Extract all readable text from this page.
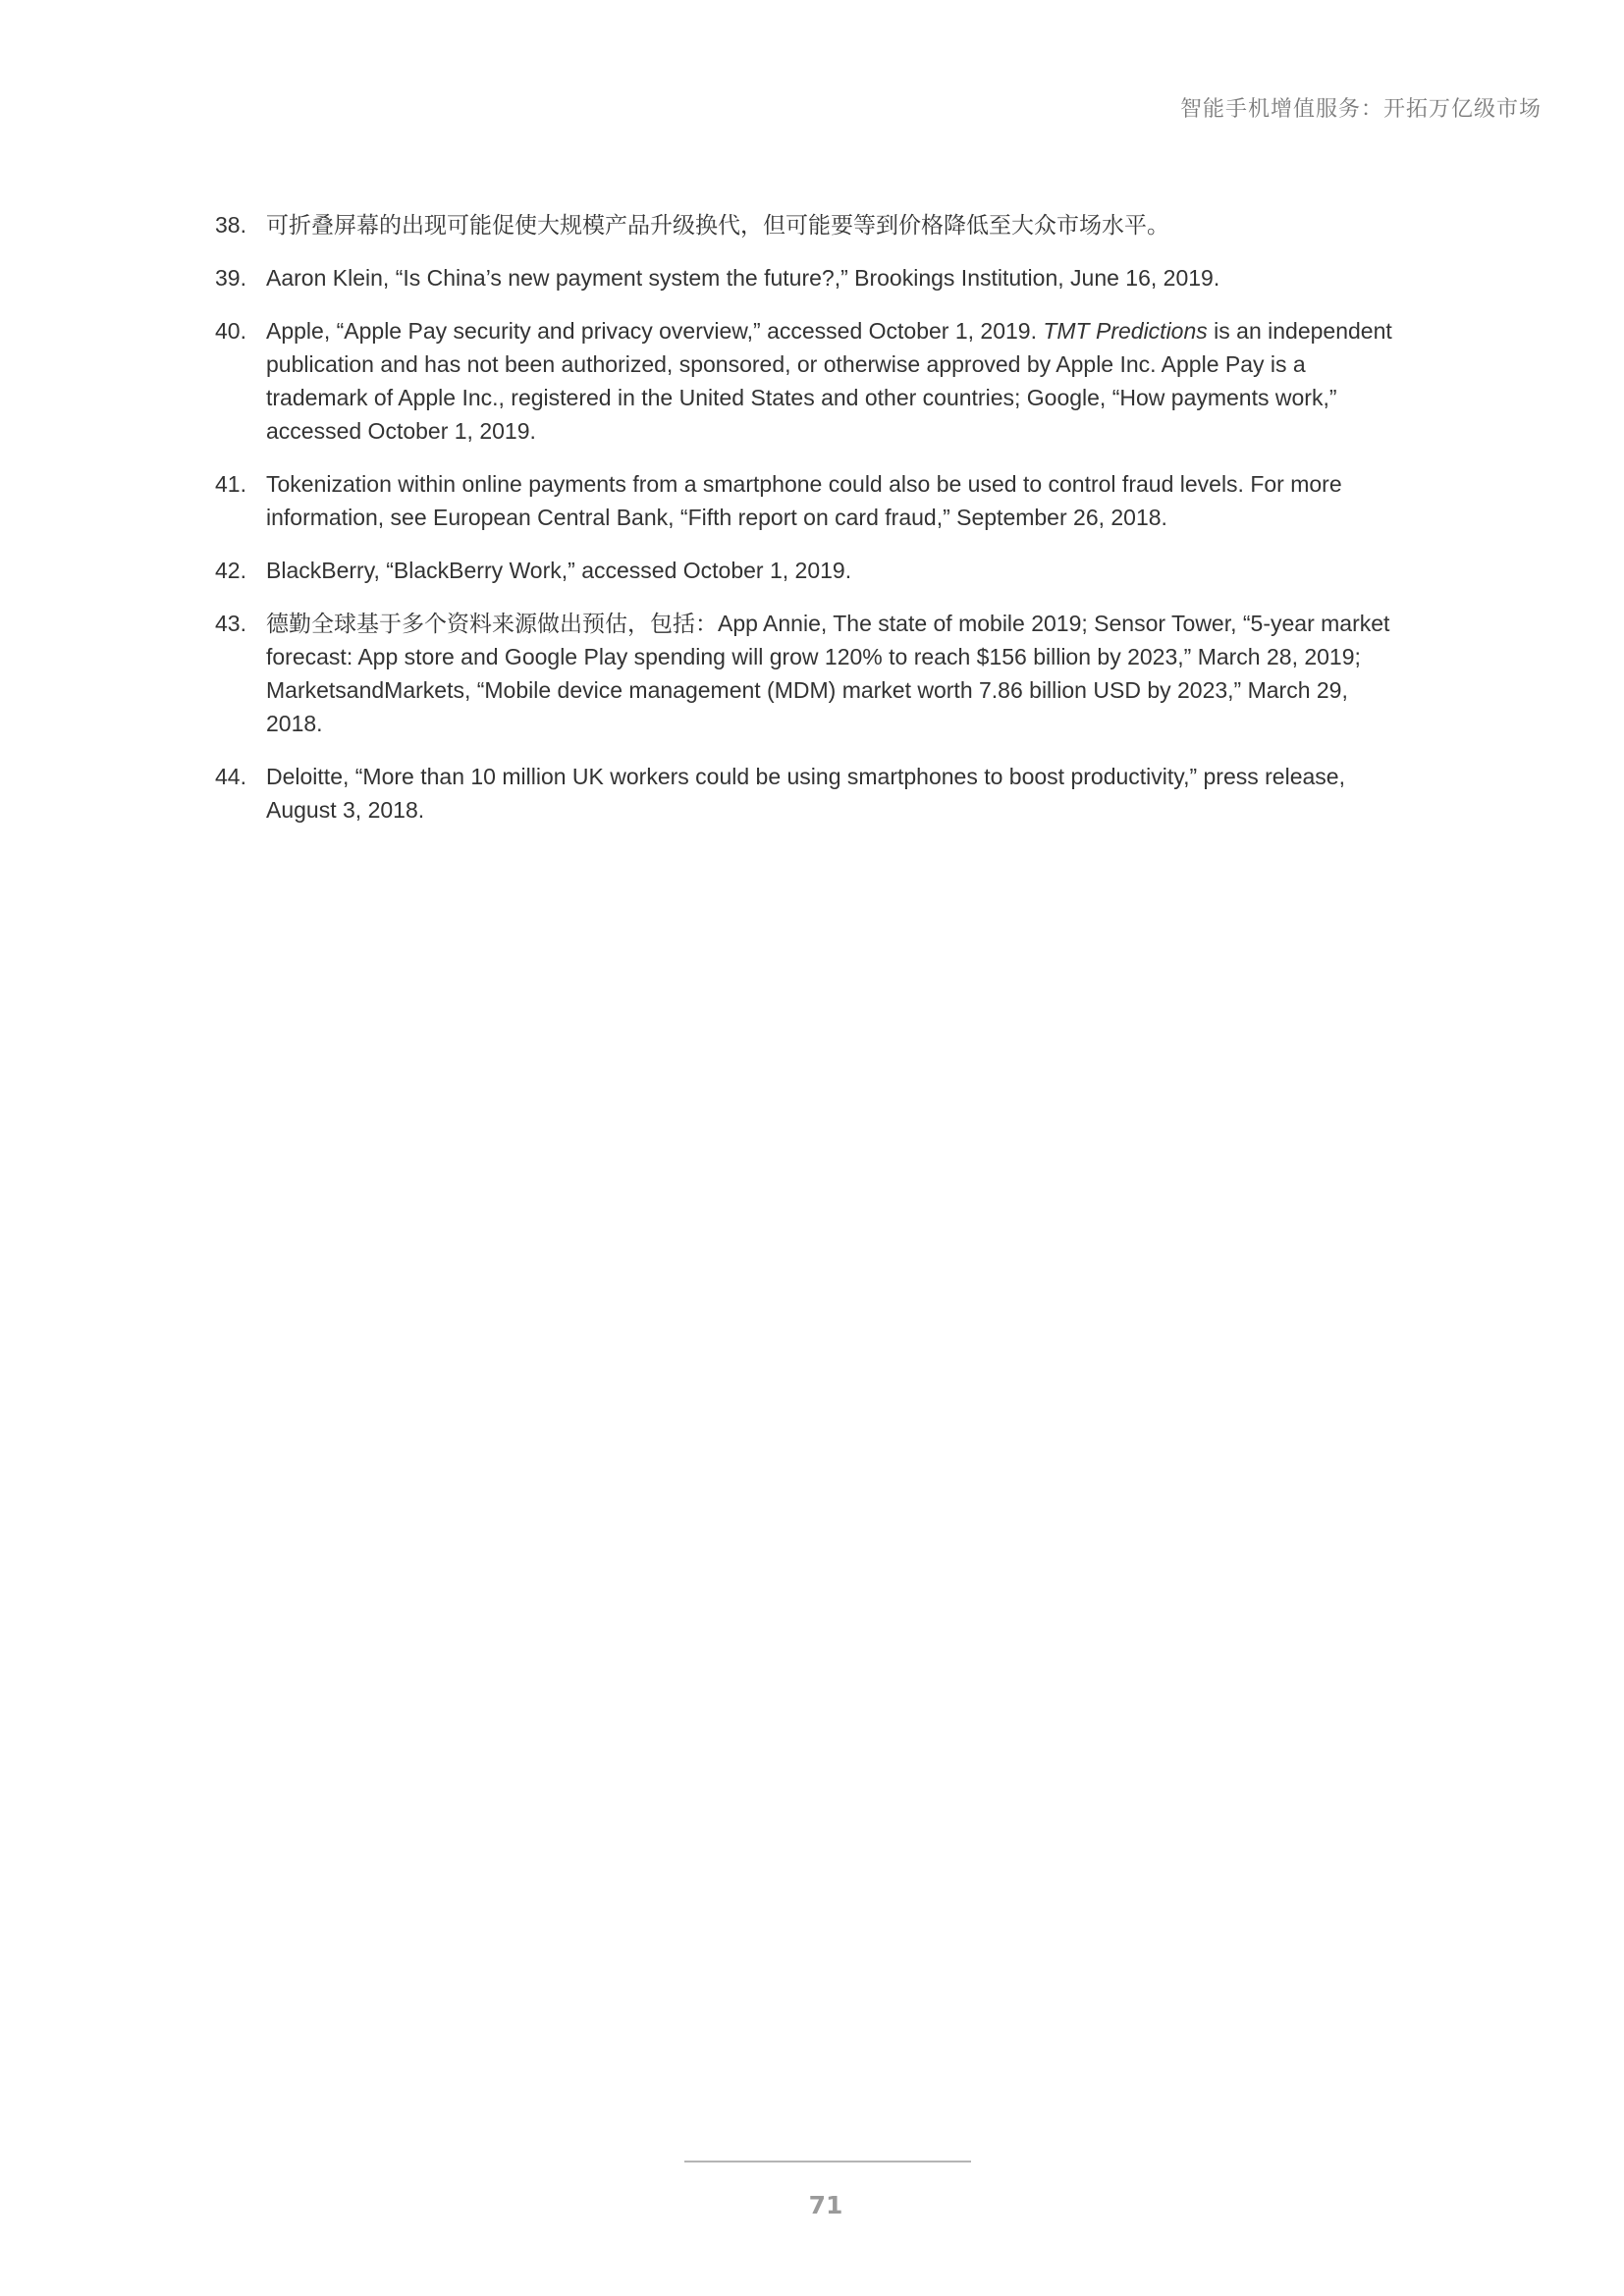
智能手机增值服务：开拓万亿级市场
38. 可折叠屏幕的出现可能促使大规模产品升级换代，但可能要等到价格降低至大众市场水平。
39. Aaron Klein, “Is China’s new payment system the future?,” Brookings Institution, June 16, 2019.
40. Apple, “Apple Pay security and privacy overview,” accessed October 1, 2019. TMT Predictions is an independent publication and has not been authorized, sponsored, or otherwise approved by Apple Inc. Apple Pay is a trademark of Apple Inc., registered in the United States and other countries; Google, “How payments work,” accessed October 1, 2019.
41. Tokenization within online payments from a smartphone could also be used to control fraud levels. For more information, see European Central Bank, “Fifth report on card fraud,” September 26, 2018.
42. BlackBerry, “BlackBerry Work,” accessed October 1, 2019.
43. 德勤全球基于多个资料来源做出预估，包括：App Annie, The state of mobile 2019; Sensor Tower, “5-year market forecast: App store and Google Play spending will grow 120% to reach $156 billion by 2023,” March 28, 2019; MarketsandMarkets, “Mobile device management (MDM) market worth 7.86 billion USD by 2023,” March 29, 2018.
44. Deloitte, “More than 10 million UK workers could be using smartphones to boost productivity,” press release, August 3, 2018.
71
